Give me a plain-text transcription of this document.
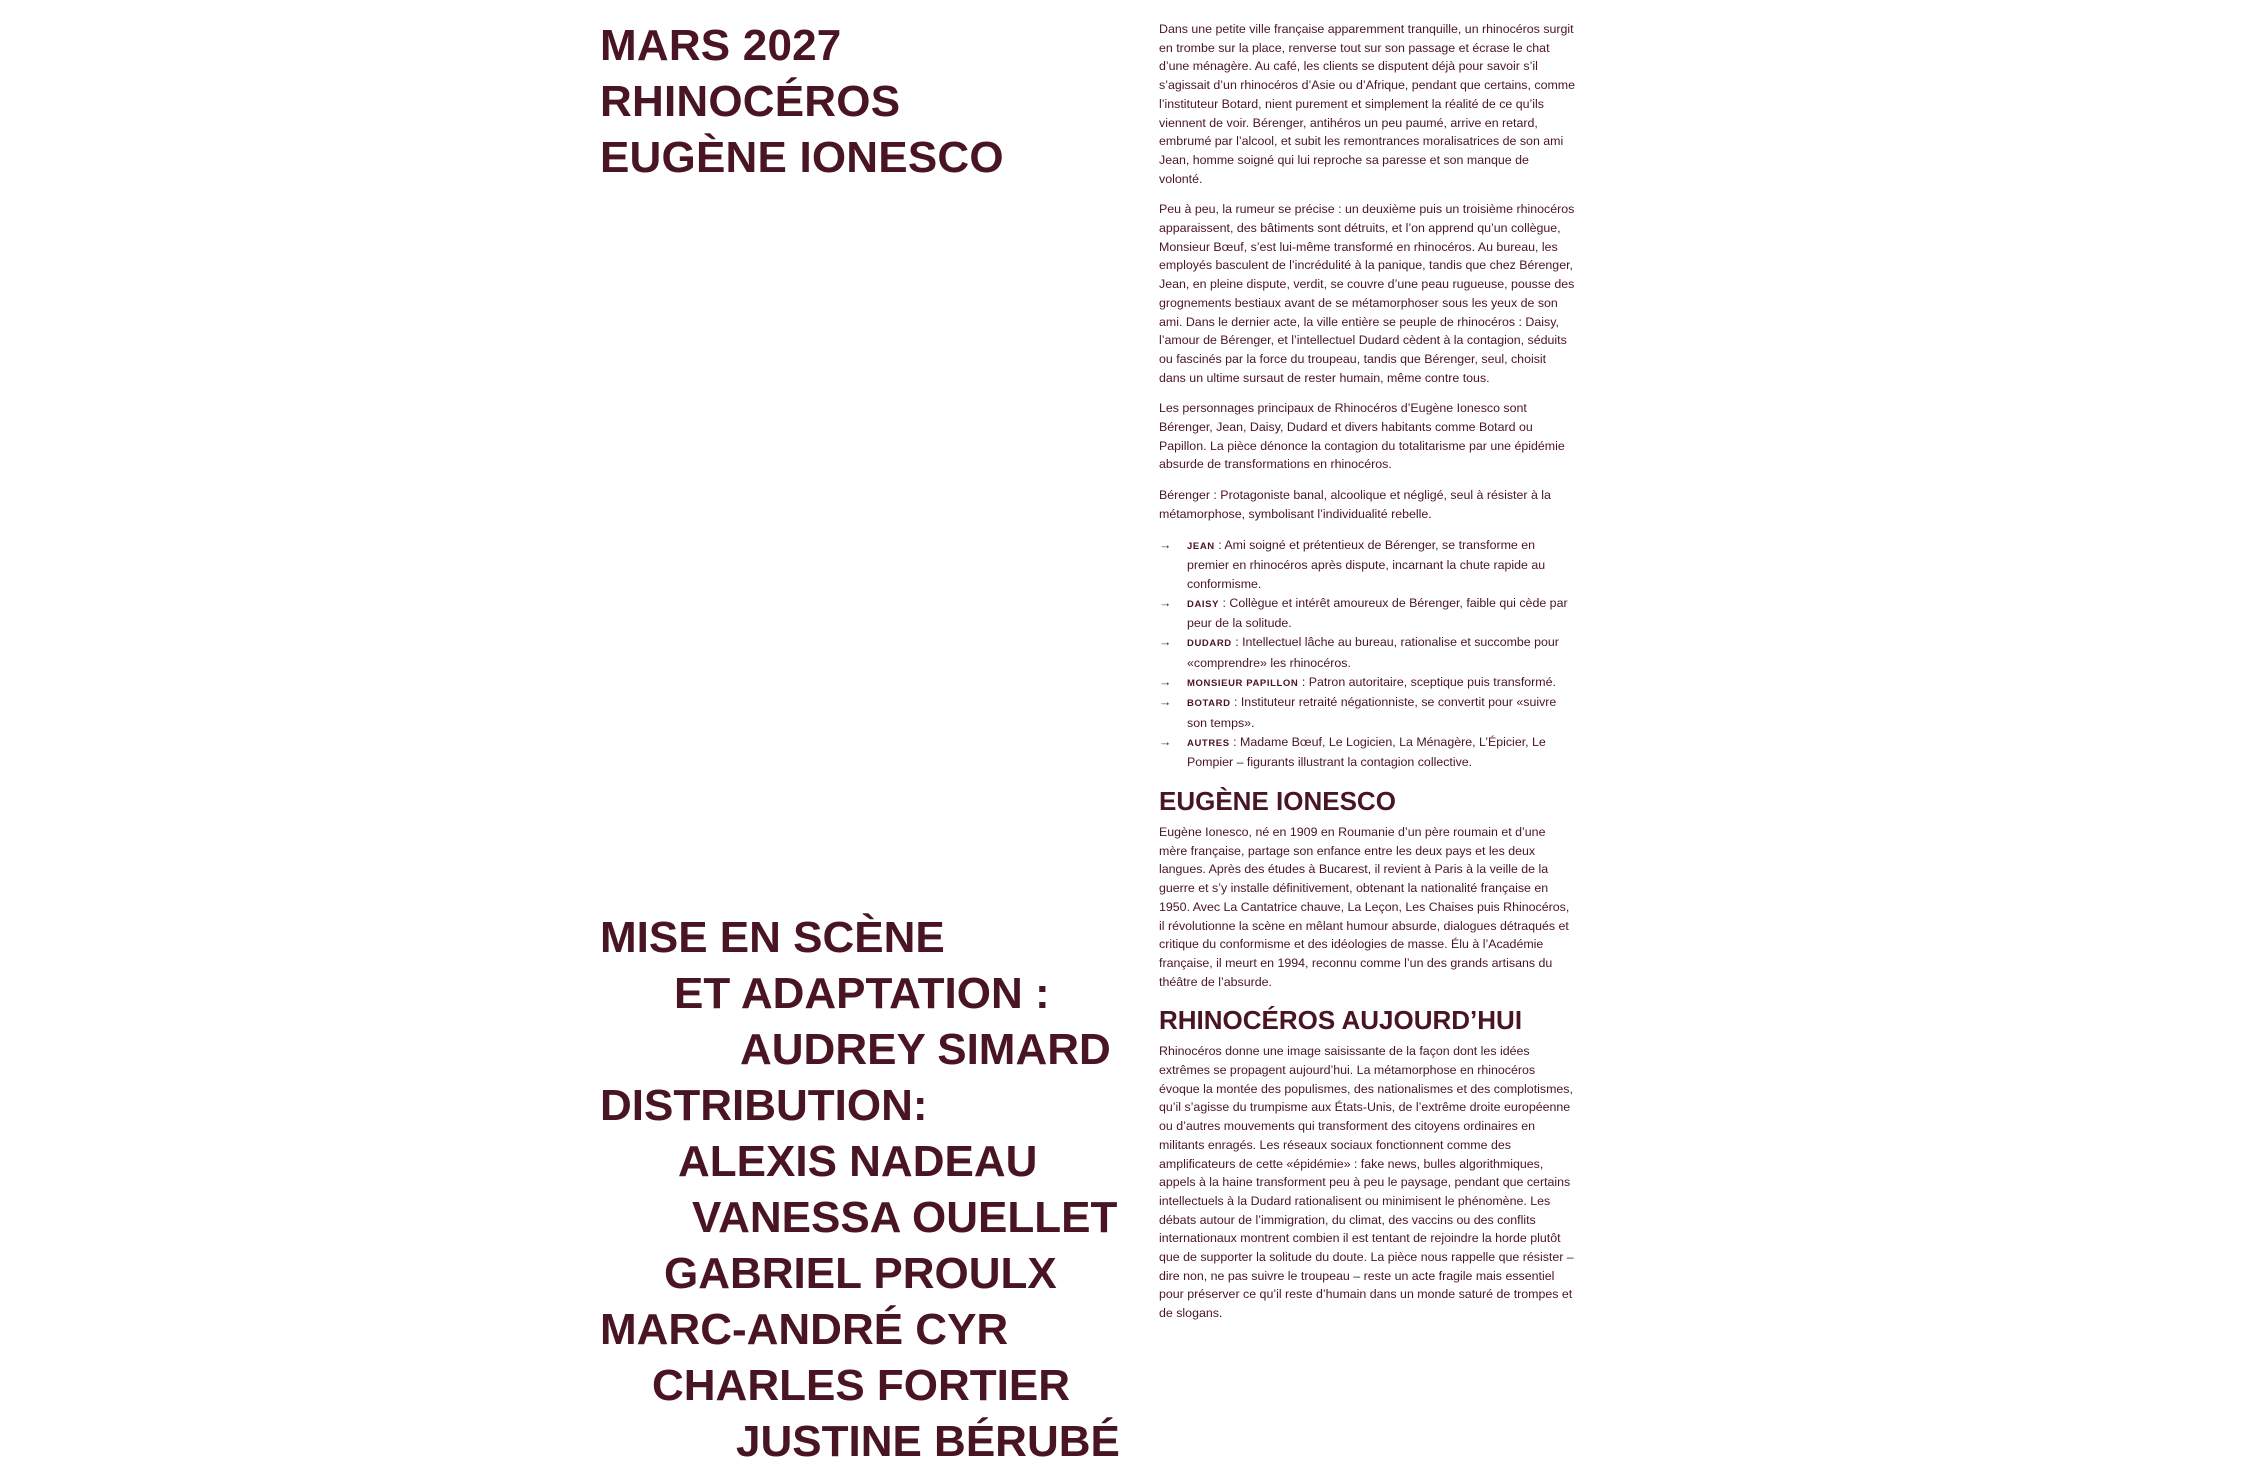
MARS 2027
RHINOCÉROS
EUGÈNE IONESCO
MISE EN SCÈNE
ET ADAPTATION :
AUDREY SIMARD
DISTRIBUTION:
ALEXIS NADEAU
VANESSA OUELLET
GABRIEL PROULX
MARC-ANDRÉ CYR
CHARLES FORTIER
JUSTINE BÉRUBÉ

Dans une petite ville française apparemment tranquille, un rhinocéros surgit en trombe sur la place, renverse tout sur son passage et écrase le chat d’une ménagère. Au café, les clients se disputent déjà pour savoir s’il s’agissait d’un rhinocéros d’Asie ou d’Afrique, pendant que certains, comme l’instituteur Botard, nient purement et simplement la réalité de ce qu’ils viennent de voir. Bérenger, antihéros un peu paumé, arrive en retard, embrumé par l’alcool, et subit les remontrances moralisatrices de son ami Jean, homme soigné qui lui reproche sa paresse et son manque de volonté.

Peu à peu, la rumeur se précise : un deuxième puis un troisième rhinocéros apparaissent, des bâtiments sont détruits, et l’on apprend qu’un collègue, Monsieur Bœuf, s’est lui-même transformé en rhinocéros. Au bureau, les employés basculent de l’incrédulité à la panique, tandis que chez Bérenger, Jean, en pleine dispute, verdit, se couvre d’une peau rugueuse, pousse des grognements bestiaux avant de se métamorphoser sous les yeux de son ami. Dans le dernier acte, la ville entière se peuple de rhinocéros : Daisy, l’amour de Bérenger, et l’intellectuel Dudard cèdent à la contagion, séduits ou fascinés par la force du troupeau, tandis que Bérenger, seul, choisit dans un ultime sursaut de rester humain, même contre tous.

Les personnages principaux de Rhinocéros d’Eugène Ionesco sont Bérenger, Jean, Daisy, Dudard et divers habitants comme Botard ou Papillon. La pièce dénonce la contagion du totalitarisme par une épidémie absurde de transformations en rhinocéros.

Bérenger : Protagoniste banal, alcoolique et négligé, seul à résister à la métamorphose, symbolisant l’individualité rebelle.

→ JEAN : Ami soigné et prétentieux de Bérenger, se transforme en premier en rhinocéros après dispute, incarnant la chute rapide au conformisme.
→ DAISY : Collègue et intérêt amoureux de Bérenger, faible qui cède par peur de la solitude.
→ DUDARD : Intellectuel lâche au bureau, rationalise et succombe pour «comprendre» les rhinocéros.
→ MONSIEUR PAPILLON : Patron autoritaire, sceptique puis transformé.
→ BOTARD : Instituteur retraité négationniste, se convertit pour «suivre son temps».
→ AUTRES : Madame Bœuf, Le Logicien, La Ménagère, L’Épicier, Le Pompier – figurants illustrant la contagion collective.
EUGÈNE IONESCO

Eugène Ionesco, né en 1909 en Roumanie d’un père roumain et d’une mère française, partage son enfance entre les deux pays et les deux langues. Après des études à Bucarest, il revient à Paris à la veille de la guerre et s’y installe définitivement, obtenant la nationalité française en 1950. Avec La Cantatrice chauve, La Leçon, Les Chaises puis Rhinocéros, il révolutionne la scène en mêlant humour absurde, dialogues détraqués et critique du conformisme et des idéologies de masse. Élu à l’Académie française, il meurt en 1994, reconnu comme l’un des grands artisans du théâtre de l’absurde.

RHINOCÉROS AUJOURD’HUI

Rhinocéros donne une image saisissante de la façon dont les idées extrêmes se propagent aujourd’hui. La métamorphose en rhinocéros évoque la montée des populismes, des nationalismes et des complotismes, qu’il s’agisse du trumpisme aux États-Unis, de l’extrême droite européenne ou d’autres mouvements qui transforment des citoyens ordinaires en militants enragés. Les réseaux sociaux fonctionnent comme des amplificateurs de cette «épidémie» : fake news, bulles algorithmiques, appels à la haine transforment peu à peu le paysage, pendant que certains intellectuels à la Dudard rationalisent ou minimisent le phénomène. Les débats autour de l’immigration, du climat, des vaccins ou des conflits internationaux montrent combien il est tentant de rejoindre la horde plutôt que de supporter la solitude du doute. La pièce nous rappelle que résister – dire non, ne pas suivre le troupeau – reste un acte fragile mais essentiel pour préserver ce qu’il reste d’humain dans un monde saturé de trompes et de slogans.
